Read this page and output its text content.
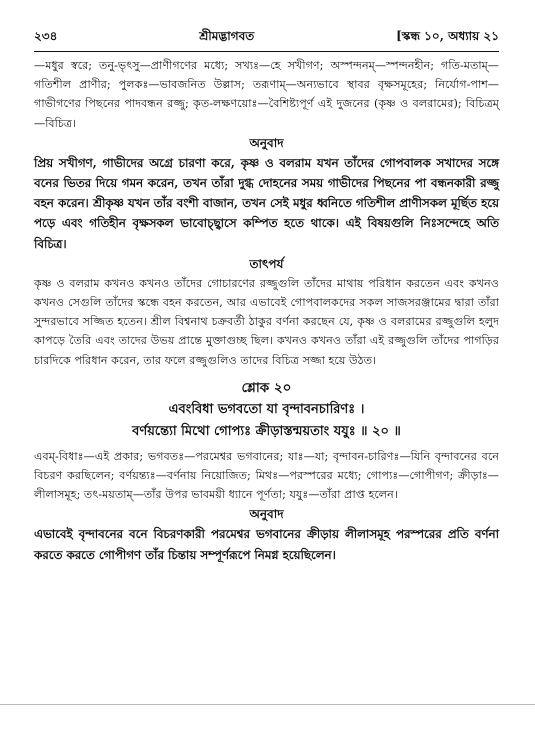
২৩৪	শ্রীমদ্ভাগবত	[স্কন্ধ ১০, অধ্যায় ২১

—মধুর স্বরে; তনু-ভৃৎসু—প্রাণীগণের মধ্যে; সখ্যঃ—হে সখীগণ; অস্পন্দনম্—স্পন্দনহীন; গতি-মতাম্—গতিশীল প্রাণীর; পুলকঃ—ভাবজনিত উল্লাস; তরূণাম্—অন্যভাবে স্থাবর বৃক্ষসমূহের; নির্যোগ-পাশ—গাভীগণের পিছনের পাদবন্ধন রজ্জু; কৃত-লক্ষণয়োঃ—বৈশিষ্ট্যপূর্ণ এই দুজনের (কৃষ্ণ ও বলরামের); বিচিত্রম্—বিচিত্র।

অনুবাদ

প্রিয় সখীগণ, গাভীদের অগ্রে চারণা করে, কৃষ্ণ ও বলরাম যখন তাঁদের গোপবালক সখাদের সঙ্গে বনের ভিতর দিয়ে গমন করেন, তখন তাঁরা দুগ্ধ দোহনের সময় গাভীদের পিছনের পা বন্ধনকারী রজ্জু বহন করেন। শ্রীকৃষ্ণ যখন তাঁর বংশী বাজান, তখন সেই মধুর ধ্বনিতে গতিশীল প্রাণীসকল মূর্ছিত হয়ে পড়ে এবং গতিহীন বৃক্ষসকল ভাবোচ্ছ্বাসে কম্পিত হতে থাকে। এই বিষয়গুলি নিঃসন্দেহে অতি বিচিত্র।

তাৎপর্য

কৃষ্ণ ও বলরাম কখনও কখনও তাঁদের গোচারণের রজ্জুগুলি তাঁদের মাথায় পরিধান করতেন এবং কখনও কখনও সেগুলি তাঁদের স্কন্ধে বহন করতেন, আর এভাবেই গোপবালকদের সকল সাজসরঞ্জামের দ্বারা তাঁরা সুন্দরভাবে সজ্জিত হতেন। শ্রীল বিশ্বনাথ চক্রবর্তী ঠাকুর বর্ণনা করছেন যে, কৃষ্ণ ও বলরামের রজ্জুগুলি হলুদ কাপড়ে তৈরি এবং তাদের উভয় প্রান্তে মুক্তাগুচ্ছ ছিল। কখনও কখনও তাঁরা এই রজ্জুগুলি তাঁদের পাগড়ির চারদিকে পরিধান করেন, তার ফলে রজ্জুগুলিও তাদের বিচিত্র সজ্জা হয়ে উঠত।

শ্লোক ২০
এবংবিধা ভগবতো যা বৃন্দাবনচারিণঃ ।
বর্ণয়ন্ত্যো মিথো গোপ্যঃ ক্রীড়াস্তন্ময়তাং যযুঃ ॥ ২০ ॥

এবম্-বিধাঃ—এই প্রকার; ভগবতঃ—পরমেশ্বর ভগবানের; যাঃ—যা; বৃন্দাবন-চারিণঃ—যিনি বৃন্দাবনের বনে বিচরণ করছিলেন; বর্ণয়ন্ত্যঃ—বর্ণনায় নিয়োজিত; মিথঃ—পরস্পরের মধ্যে; গোপ্যঃ—গোপীগণ; ক্রীড়াঃ—লীলাসমূহ; তৎ-ময়তাম্—তাঁর উপর ভাবময়ী ধ্যানে পূর্ণতা; যযুঃ—তাঁরা প্রাপ্ত হলেন।

অনুবাদ

এভাবেই বৃন্দাবনের বনে বিচরণকারী পরমেশ্বর ভগবানের ক্রীড়ায় লীলাসমূহ পরস্পরের প্রতি বর্ণনা করতে করতে গোপীগণ তাঁর চিন্তায় সম্পূর্ণরূপে নিমগ্ন হয়েছিলেন।
